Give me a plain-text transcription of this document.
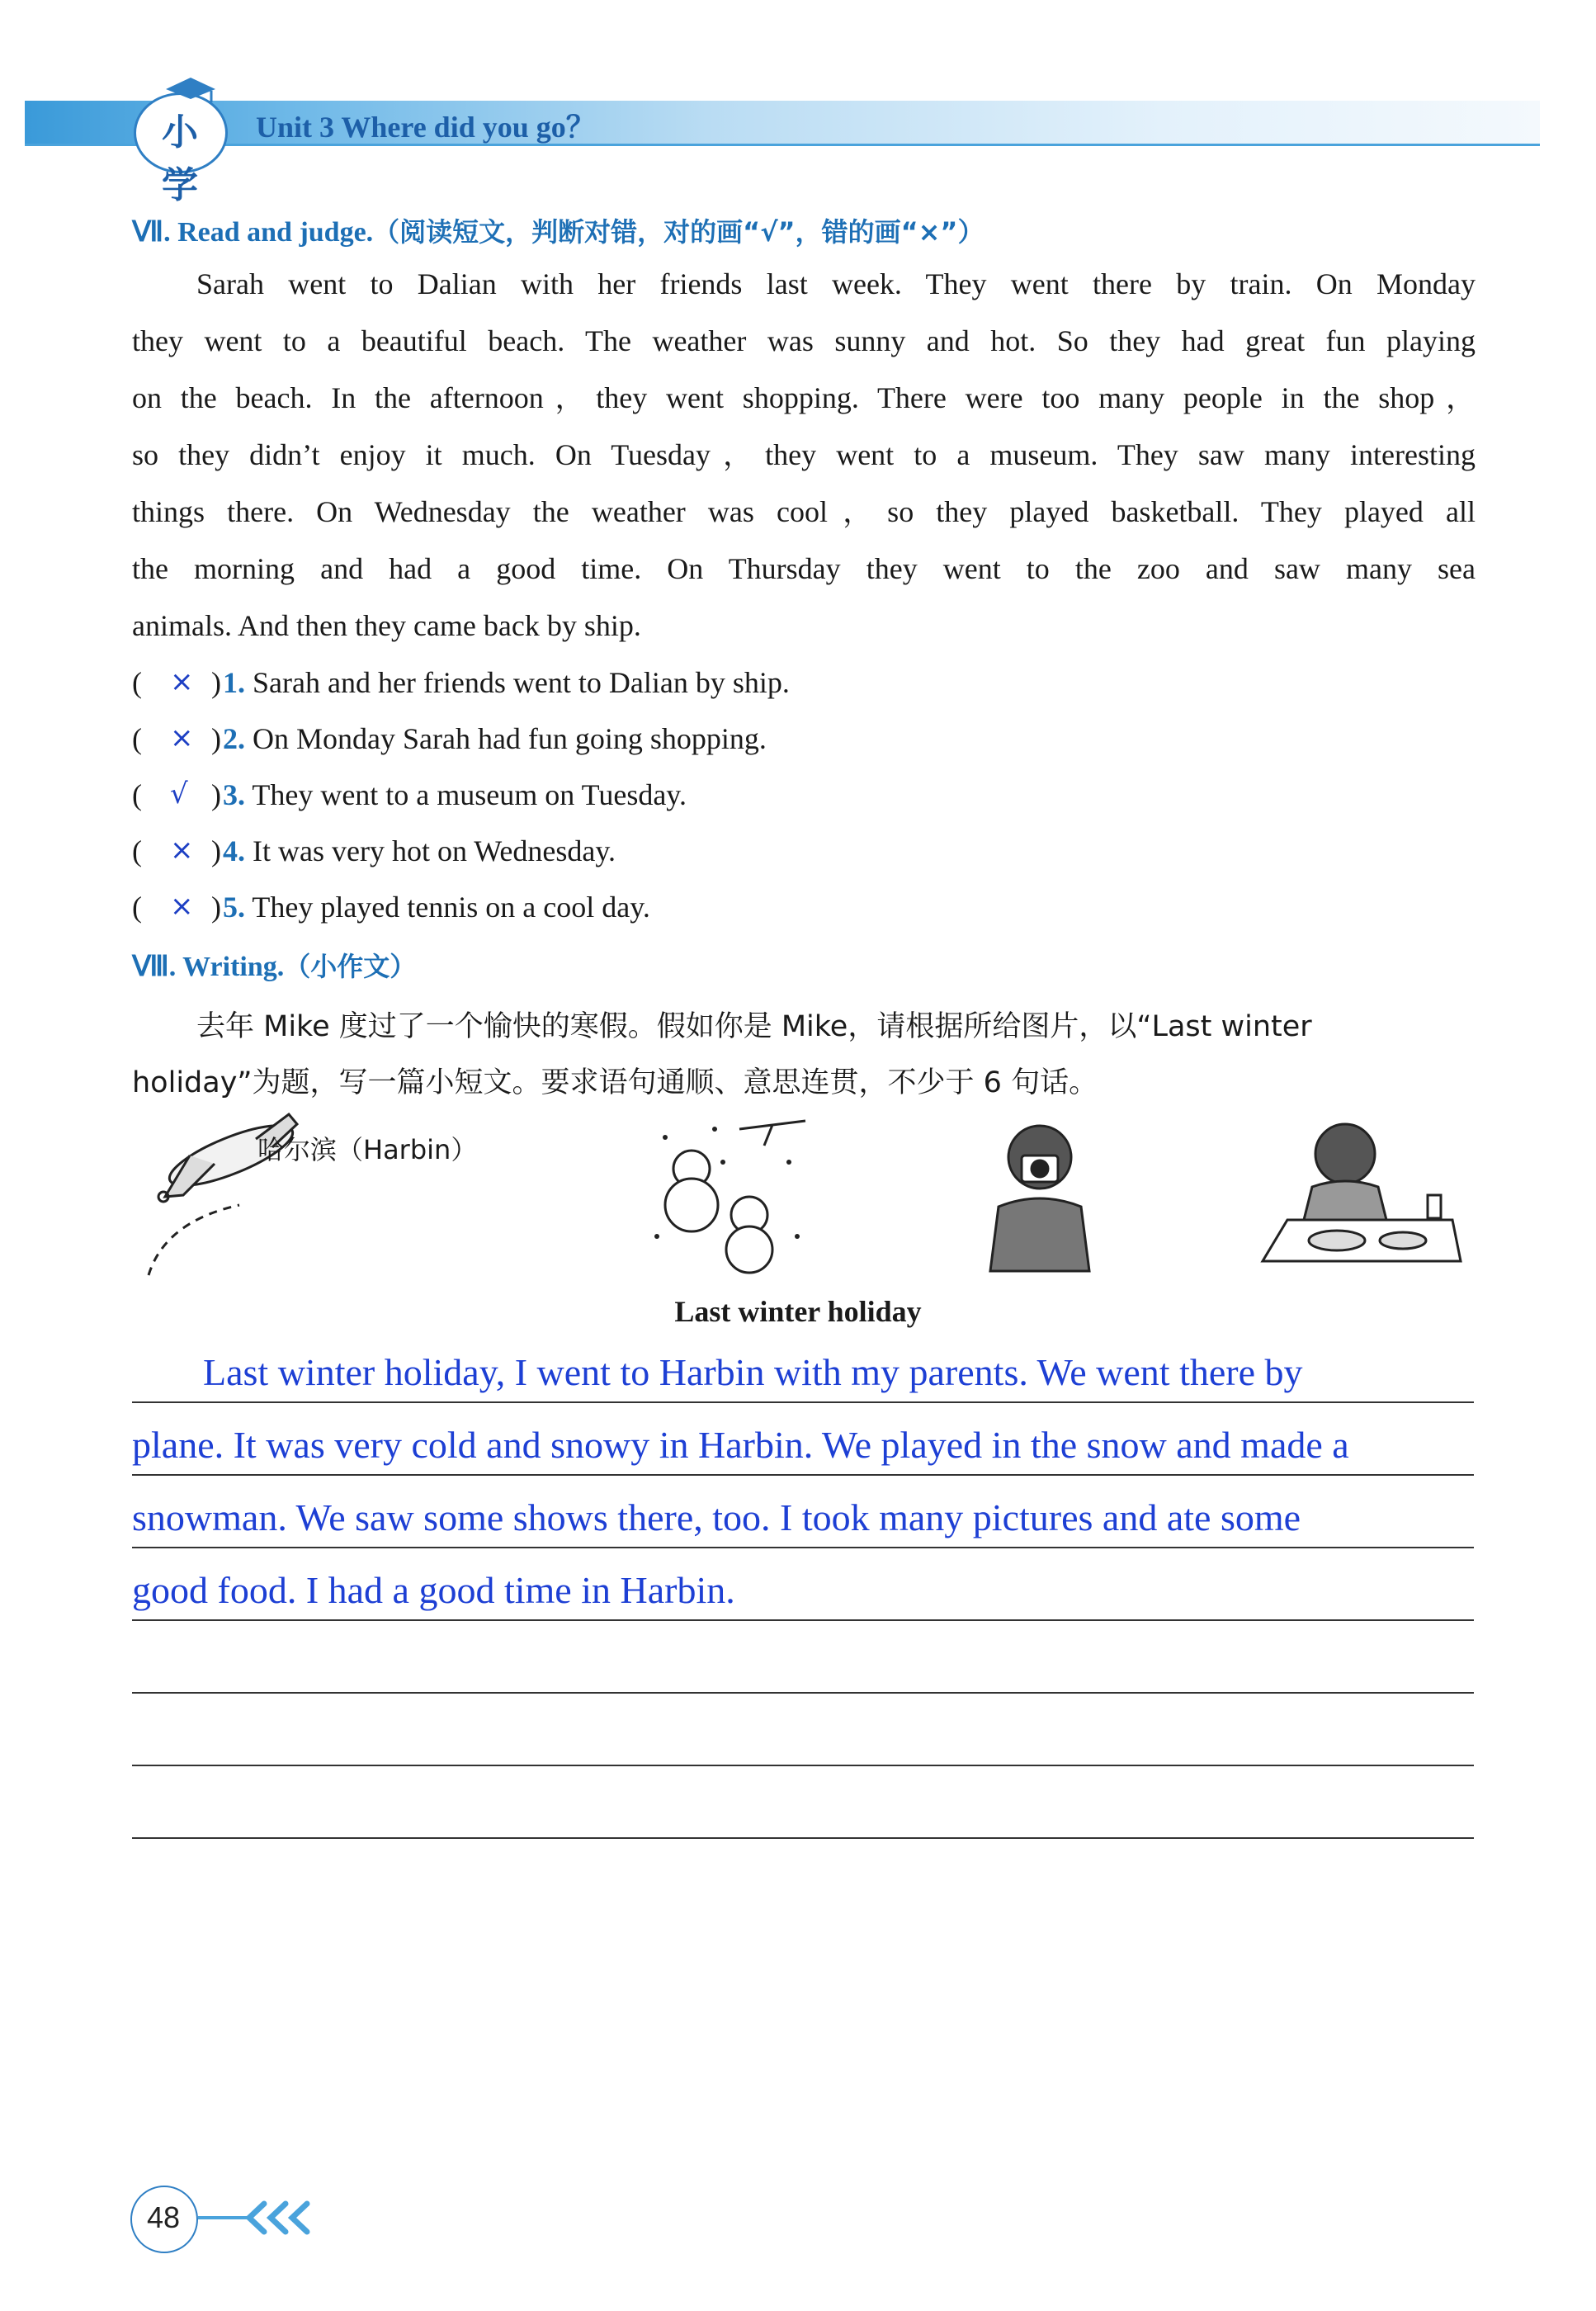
小学
Unit 3 Where did you go？
Ⅶ. Read and judge.（阅读短文，判断对错，对的画“√”，错的画“×”）
Sarah went to Dalian with her friends last week. They went there by train. On Monday
they went to a beautiful beach. The weather was sunny and hot. So they had great fun playing
on the beach. In the afternoon，they went shopping. There were too many people in the shop，
so they didn’t enjoy it much. On Tuesday，they went to a museum. They saw many interesting
things there. On Wednesday the weather was cool，so they played basketball. They played all
the morning and had a good time. On Thursday they went to the zoo and saw many sea
animals. And then they came back by ship.
( × ) 1. Sarah and her friends went to Dalian by ship.
( × ) 2. On Monday Sarah had fun going shopping.
( √ ) 3. They went to a museum on Tuesday.
( × ) 4. It was very hot on Wednesday.
( × ) 5. They played tennis on a cool day.
Ⅷ. Writing.（小作文）
去年 Mike 度过了一个愉快的寒假。假如你是 Mike，请根据所给图片，以“Last winter
holiday”为题，写一篇小短文。要求语句通顺、意思连贯，不少于 6 句话。
哈尔滨（Harbin）
Last winter holiday
Last winter holiday, I went to Harbin with my parents. We went there by
plane. It was very cold and snowy in Harbin. We played in the snow and made a
snowman. We saw some shows there, too. I took many pictures and ate some
good food. I had a good time in Harbin.
48
